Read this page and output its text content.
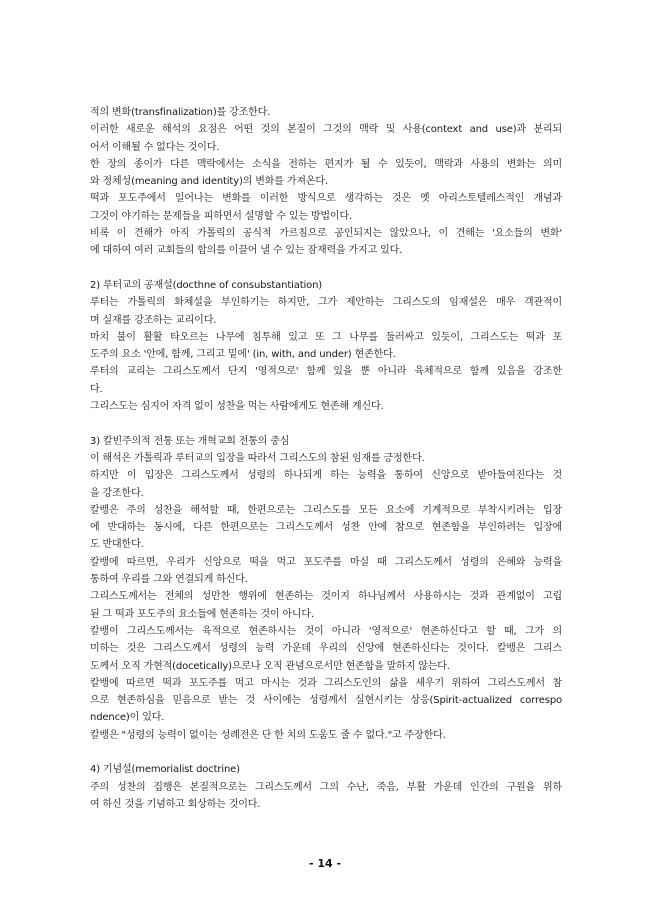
적의 변화(transfinalization)를 강조한다.
이러한 새로운 해석의 요점은 어떤 것의 본질이 그것의 맥락 및 사용(context and use)과 분리되
어서 이해될 수 없다는 것이다.
한 장의 종이가 다른 맥락에서는 소식을 전하는 편지가 될 수 있듯이, 맥락과 사용의 변화는 의미
와 정체성(meaning and identity)의 변화를 가져온다.
떡과 포도주에서 일어나는 변화를 이러한 방식으로 생각하는 것은 옛 아리스토텔레스적인 개념과
그것이 야기하는 문제들을 피하면서 설명할 수 있는 방법이다.
비록 이 견해가 아직 가톨릭의 공식적 가르침으로 공인되지는 않았으나, 이 견해는 '요소들의 변화'
에 대하여 여러 교회들의 합의를 이끌어 낼 수 있는 잠재력을 가지고 있다.
2) 루터교의 공재설(docthne of consubstantiation)
루터는 가톨릭의 화체설을 부인하기는 하지만, 그가 제안하는 그리스도의 임재설은 매우 객관적이
며 실재를 강조하는 교리이다.
마치 불이 활활 타오르는 나무에 침투해 있고 또 그 나무를 둘러싸고 있듯이, 그리스도는 떡과 포
도주의 요소 '안에, 함께, 그리고 밑에' (in, with, and under) 현존한다.
루터의 교리는 그리스도께서 단지 '영적으로' 함께 있을 뿐 아니라 육체적으로 함께 있음을 강조한
다.
그리스도는 심지어 자격 없이 성찬을 먹는 사람에게도 현존해 계신다.
3) 칼빈주의적 전통 또는 개혁교회 전통의 중심
이 해석은 가톨릭과 루터교의 입장을 따라서 그리스도의 참된 임재를 긍정한다.
하지만 이 입장은 그리스도께서 성령의 하나되게 하는 능력을 통하여 신앙으로 받아들여진다는 것
을 강조한다.
칼뱅은 주의 성찬을 해석할 때, 한편으로는 그리스도를 모든 요소에 기계적으로 부착시키려는 입장
에 반대하는 동시에, 다른 한편으로는 그리스도께서 성찬 안에 참으로 현존함을 부인하려는 입장에
도 반대한다.
칼뱅에 따르면, 우리가 신앙으로 떡을 먹고 포도주를 마실 때 그리스도께서 성령의 은혜와 능력을
통하여 우리를 그와 연결되게 하신다.
그리스도께서는 전체의 성만찬 행위에 현존하는 것이지 하나님께서 사용하시는 것과 관계없이 고립
된 그 떡과 포도주의 요소들에 현존하는 것이 아니다.
칼뱅이 그리스도께서는 육적으로 현존하시는 것이 아니라 '영적으로' 현존하신다고 할 때, 그가 의
미하는 것은 그리스도께서 성령의 능력 가운데 우리의 신앙에 현존하신다는 것이다. 칼뱅은 그리스
도께서 오직 가현적(docetically)으로나 오직 관념으로서만 현존함을 말하지 않는다.
칼뱅에 따르면 떡과 포도주를 먹고 마시는 것과 그리스도인의 삶을 세우기 위하여 그리스도께서 참
으로 현존하심을 믿음으로 받는 것 사이에는 성령께서 실현시키는 상응(Spirit-actualized correspo
ndence)이 있다.
칼뱅은 "성령의 능력이 없이는 성례전은 단 한 치의 도움도 줄 수 없다."고 주장한다.
4) 기념설(memorialist doctrine)
주의 성찬의 집행은 본질적으로는 그리스도께서 그의 수난, 죽음, 부활 가운데 인간의 구원을 위하
여 하신 것을 기념하고 회상하는 것이다.
- 14 -
